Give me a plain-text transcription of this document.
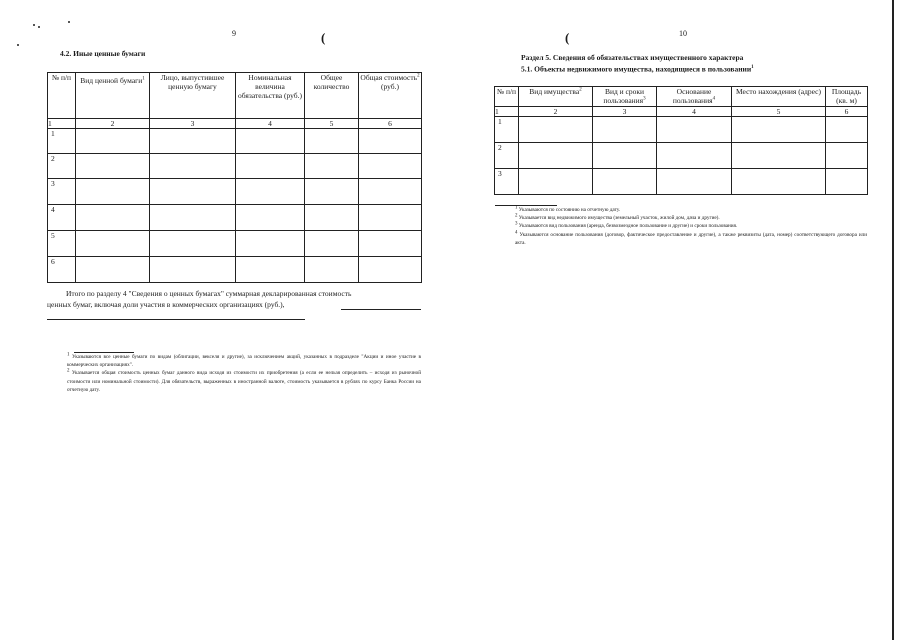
9	(
4.2. Иные ценные бумаги
№ п/п	Вид ценной бумаги$^1$	Лицо, выпустившее ценную бумагу	Номинальная величина обязательства (руб.)	Общее количество	Общая стоимость$^2$
(руб.)
1	2	3	4	5	6
1					
2					
3					
4					
5					
6					
Итого по разделу 4 "Сведения о ценных бумагах" суммарная декларированная стоимость
ценных бумаг, включая доли участия в коммерческих организациях (руб.),

$^1$ Указываются все ценные бумаги по видам (облигации, векселя и другие), за исключением акций, указанных в подразделе "Акции и иное участие в коммерческих организациях".

$^2$ Указывается общая стоимость ценных бумаг данного вида исходя из стоимости их приобретения (а если ее нельзя определить – исходя из рыночной стоимости или номинальной стоимости). Для обязательств, выраженных в иностранной валюте, стоимость указывается в рублях по курсу Банка России на отчетную дату.

10
(
Раздел 5. Сведения об обязательствах имущественного характера
5.1. Объекты недвижимого имущества, находящиеся в пользовании$^1$
№ п/п	Вид имущества$^2$	Вид и сроки пользования$^3$	Основание пользования$^4$	Место нахождения (адрес)	Площадь (кв. м)
1	2	3	4	5	6
1					
2					
3					

$^1$ Указываются по состоянию на отчетную дату.

$^2$ Указывается вид недвижимого имущества (земельный участок, жилой дом, дача и другие).

$^3$ Указываются вид пользования (аренда, безвозмездное пользование и другие) и сроки пользования.

$^4$ Указываются основание пользования (договор, фактическое предоставление и другие), а также реквизиты (дата, номер) соответствующего договора или акта.
